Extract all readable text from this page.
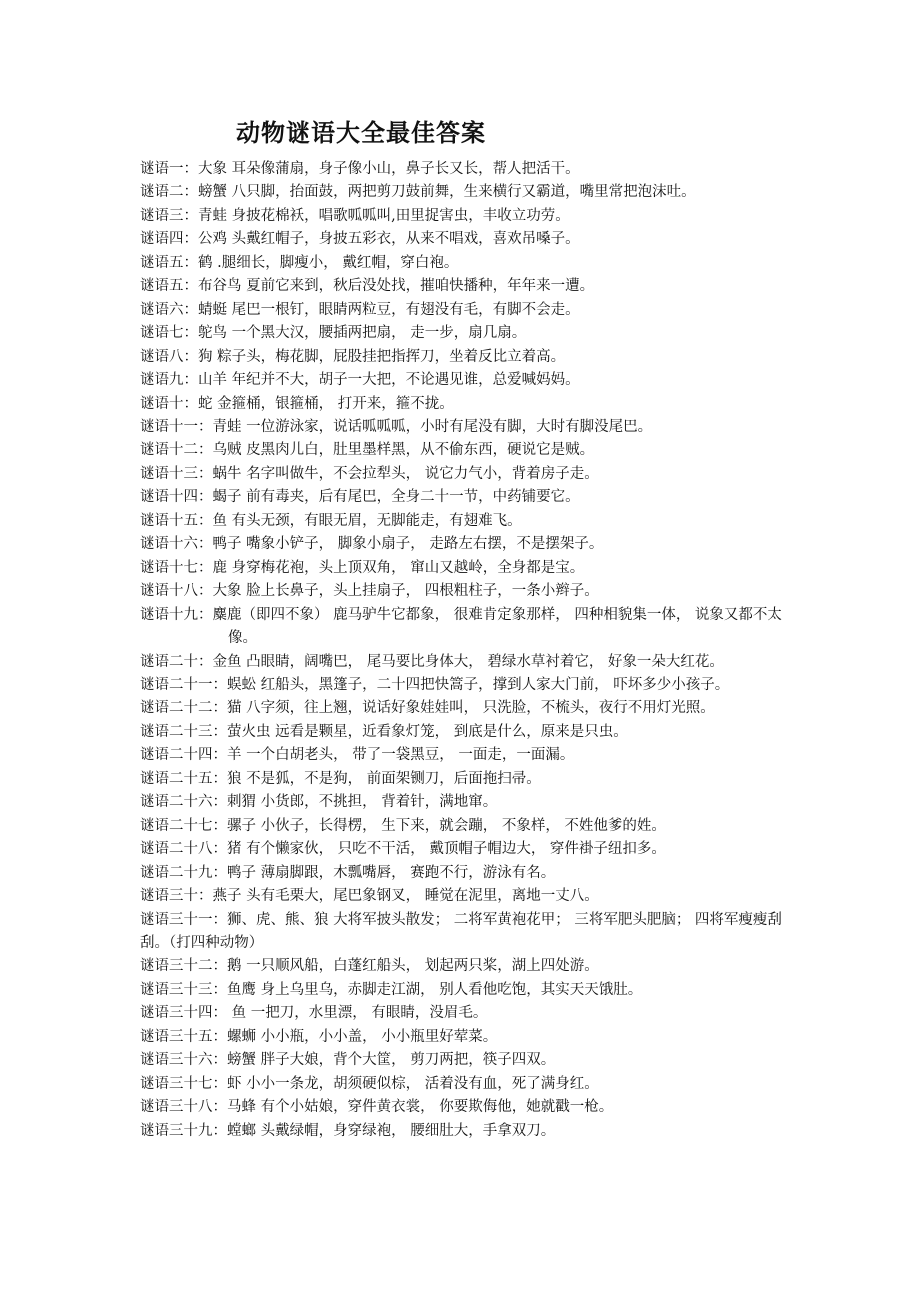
动物谜语大全最佳答案
谜语一：大象 耳朵像蒲扇，身子像小山，鼻子长又长，帮人把活干。
谜语二：螃蟹 八只脚，抬面鼓，两把剪刀鼓前舞，生来横行又霸道，嘴里常把泡沫吐。
谜语三：青蛙 身披花棉袄，唱歌呱呱叫,田里捉害虫，丰收立功劳。
谜语四：公鸡 头戴红帽子，身披五彩衣，从来不唱戏，喜欢吊嗓子。
谜语五：鹤 .腿细长，脚瘦小， 戴红帽，穿白袍。
谜语五：布谷鸟 夏前它来到，秋后没处找，摧咱快播种，年年来一遭。
谜语六：蜻蜓 尾巴一根钉，眼睛两粒豆，有翅没有毛，有脚不会走。
谜语七：鸵鸟 一个黑大汉，腰插两把扇， 走一步，扇几扇。
谜语八：狗 粽子头，梅花脚，屁股挂把指挥刀，坐着反比立着高。
谜语九：山羊 年纪并不大，胡子一大把，不论遇见谁，总爱喊妈妈。
谜语十：蛇 金箍桶，银箍桶， 打开来，箍不拢。
谜语十一：青蛙 一位游泳家，说话呱呱呱，小时有尾没有脚，大时有脚没尾巴。
谜语十二：乌贼 皮黑肉儿白，肚里墨样黑，从不偷东西，硬说它是贼。
谜语十三：蜗牛 名字叫做牛，不会拉犁头， 说它力气小，背着房子走。
谜语十四：蝎子 前有毒夹，后有尾巴，全身二十一节，中药铺要它。
谜语十五：鱼 有头无颈，有眼无眉，无脚能走，有翅难飞。
谜语十六：鸭子 嘴象小铲子， 脚象小扇子， 走路左右摆，不是摆架子。
谜语十七：鹿 身穿梅花袍，头上顶双角， 窜山又越岭，全身都是宝。
谜语十八：大象 脸上长鼻子，头上挂扇子， 四根粗柱子，一条小辫子。
谜语十九：麋鹿（即四不象） 鹿马驴牛它都象， 很难肯定象那样， 四种相貌集一体， 说象又都不太像。
谜语二十：金鱼 凸眼睛，阔嘴巴， 尾马要比身体大， 碧绿水草衬着它， 好象一朵大红花。
谜语二十一：蜈蚣 红船头，黑篷子，二十四把快篙子，撑到人家大门前， 吓坏多少小孩子。
谜语二十二：猫 八字须，往上翘，说话好象娃娃叫， 只洗脸，不梳头，夜行不用灯光照。
谜语二十三：萤火虫 远看是颗星，近看象灯笼， 到底是什么，原来是只虫。
谜语二十四：羊 一个白胡老头， 带了一袋黑豆， 一面走，一面漏。
谜语二十五：狼 不是狐，不是狗， 前面架铡刀，后面拖扫帚。
谜语二十六：刺猬 小货郎，不挑担， 背着针，满地窜。
谜语二十七：骡子 小伙子，长得楞， 生下来，就会蹦， 不象样， 不姓他爹的姓。
谜语二十八：猪 有个懒家伙， 只吃不干活， 戴顶帽子帽边大， 穿件褂子纽扣多。
谜语二十九：鸭子 薄扇脚跟，木瓢嘴唇， 赛跑不行，游泳有名。
谜语三十：燕子 头有毛栗大，尾巴象钢叉， 睡觉在泥里，离地一丈八。
谜语三十一：狮、虎、熊、狼 大将军披头散发； 二将军黄袍花甲； 三将军肥头肥脑； 四将军瘦瘦刮刮。（打四种动物）
谜语三十二：鹅 一只顺风船，白蓬红船头， 划起两只桨，湖上四处游。
谜语三十三：鱼鹰 身上乌里乌，赤脚走江湖， 别人看他吃饱，其实天天饿肚。
谜语三十四： 鱼 一把刀，水里漂， 有眼睛，没眉毛。
谜语三十五：螺蛳 小小瓶，小小盖， 小小瓶里好荤菜。
谜语三十六：螃蟹 胖子大娘，背个大筐， 剪刀两把，筷子四双。
谜语三十七：虾 小小一条龙，胡须硬似棕， 活着没有血，死了满身红。
谜语三十八：马蜂 有个小姑娘，穿件黄衣裳， 你要欺侮他，她就戳一枪。
谜语三十九：螳螂 头戴绿帽，身穿绿袍， 腰细肚大，手拿双刀。
